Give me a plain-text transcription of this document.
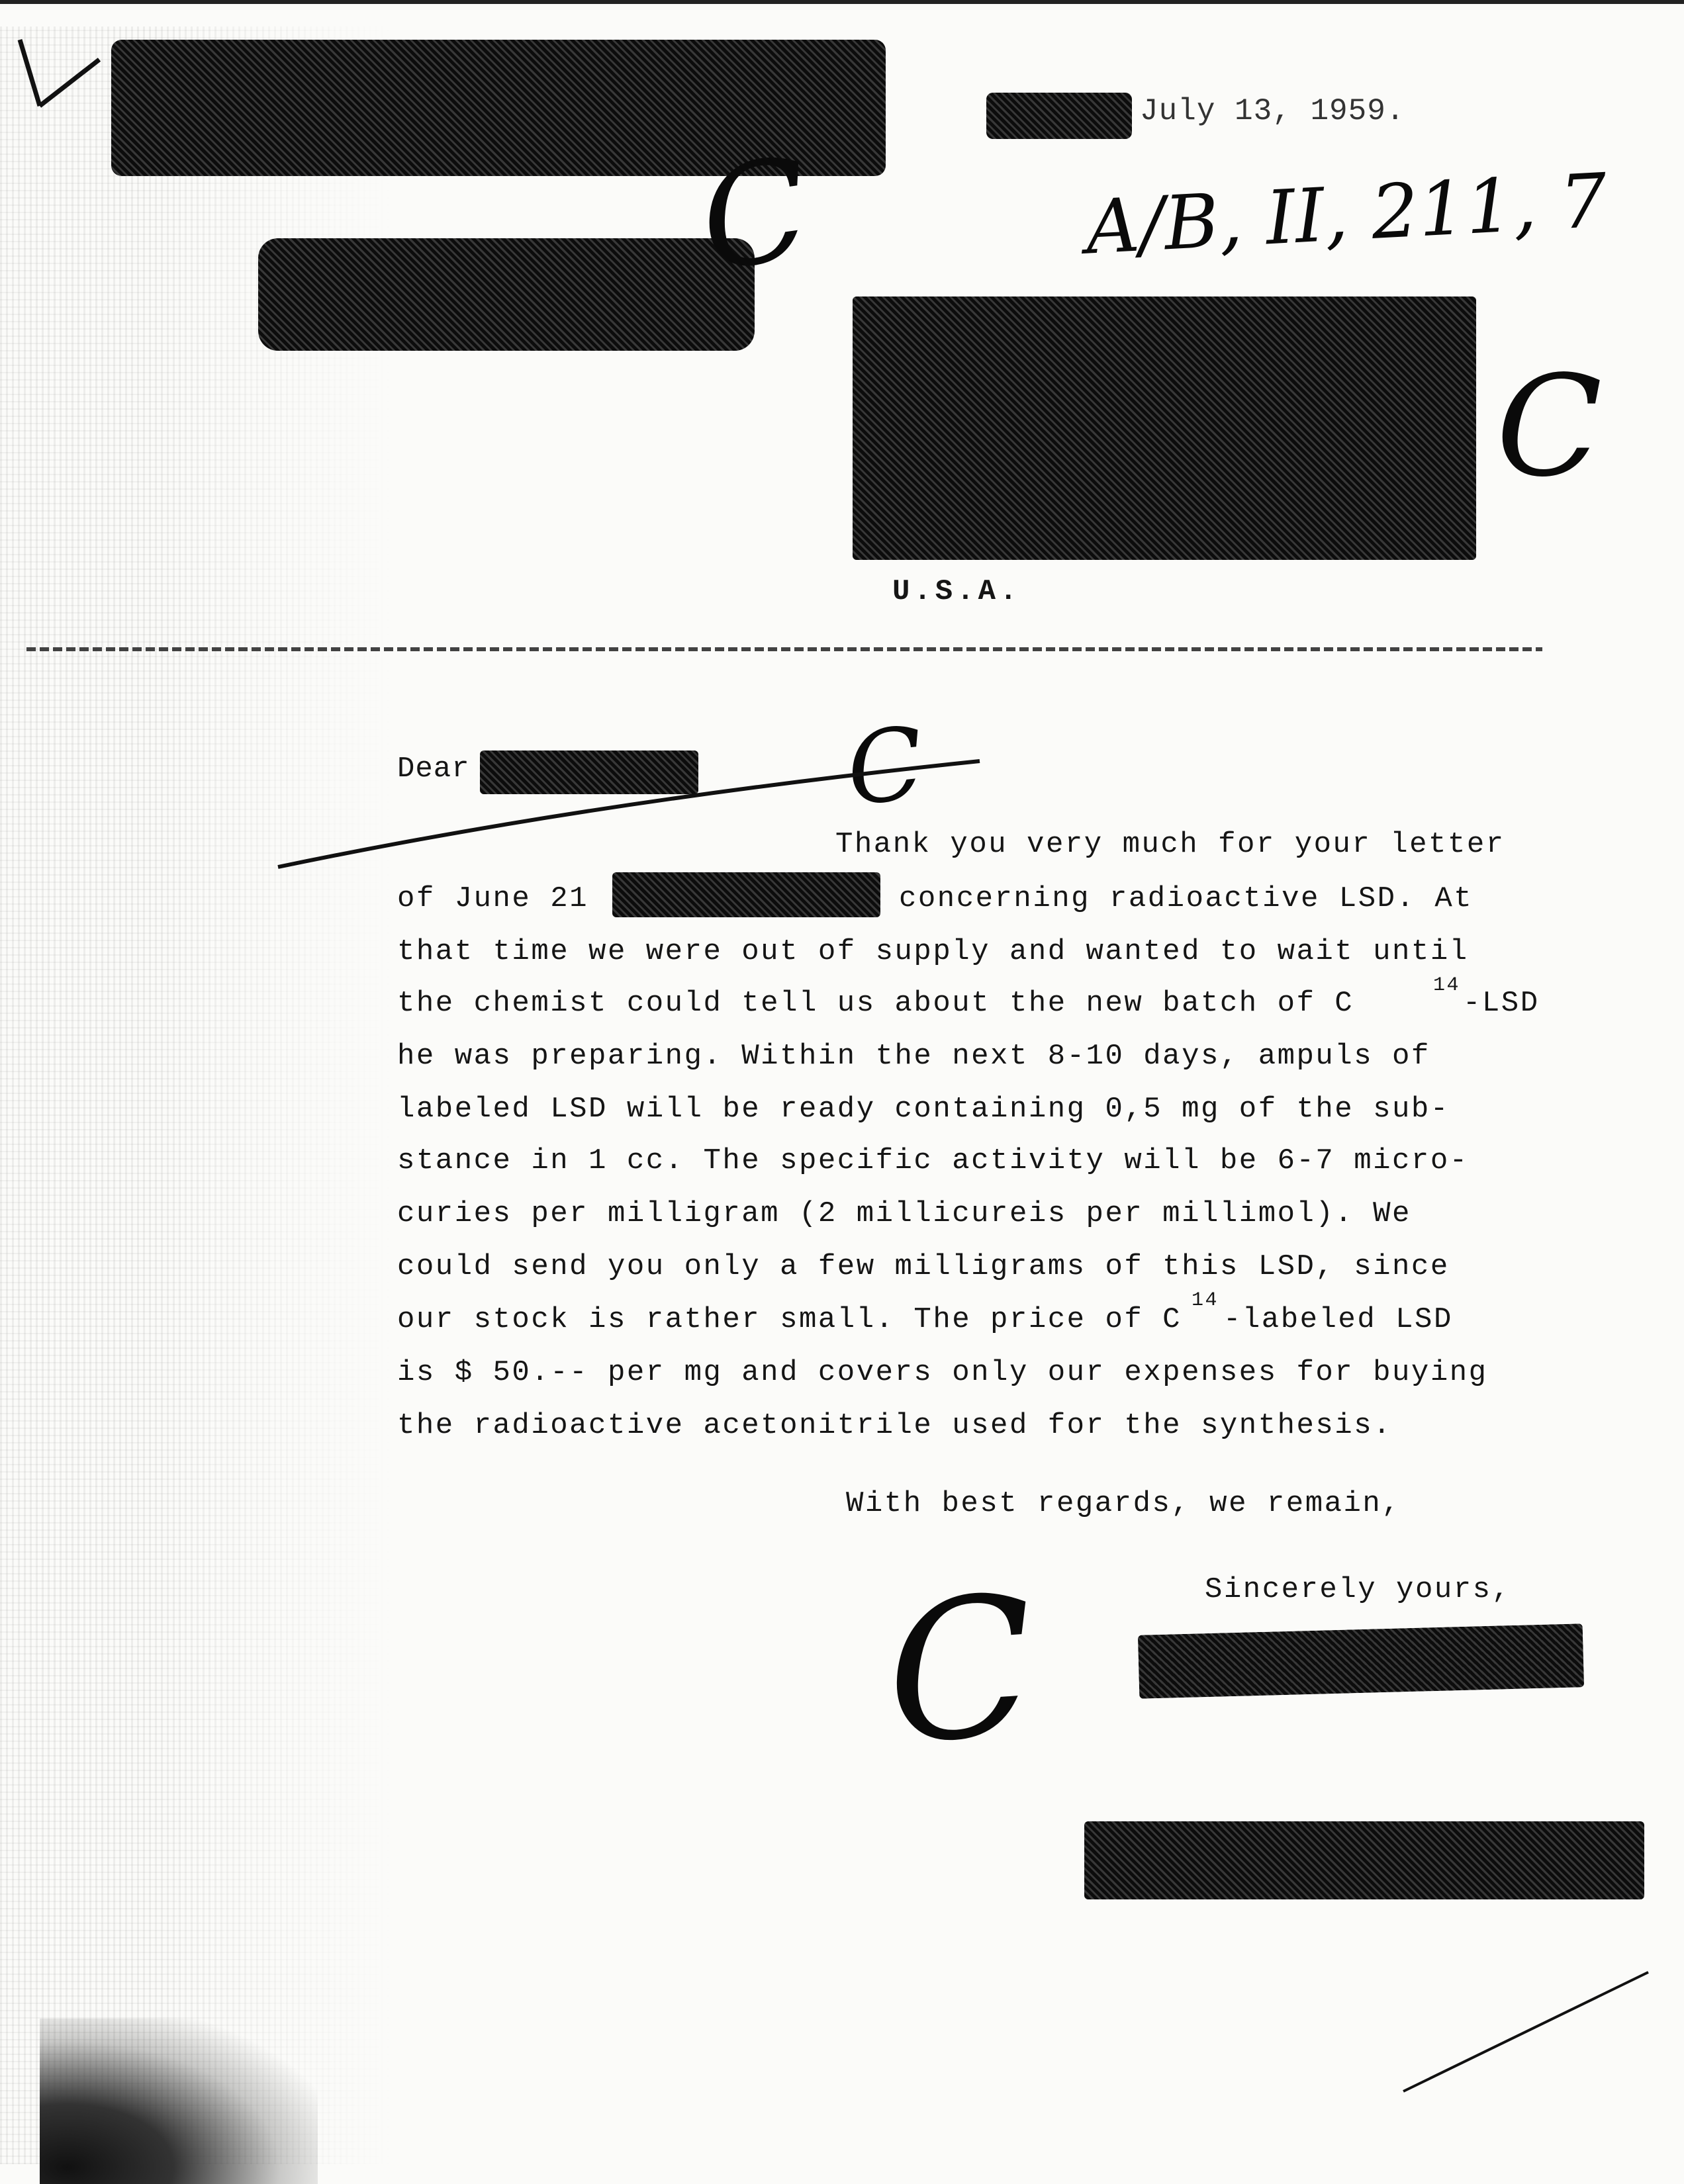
July 13, 1959.
U.S.A.
A/B, II, 211, 7
C
C
C
C
Dear
Thank you very much for your letter
of June 21	concerning radioactive LSD. At
that time we were out of supply and wanted to wait until
the chemist could tell us about the new batch of C
14
-LSD
he was preparing. Within the next 8-10 days, ampuls of
labeled LSD will be ready containing 0,5 mg of the sub-
stance in 1 cc. The specific activity will be 6-7 micro-
curies per milligram (2 millicureis per millimol). We
could send you only a few milligrams of this LSD, since
our stock is rather small. The price of C
14
-labeled LSD
is $ 50.-- per mg and covers only our expenses for buying
the radioactive acetonitrile used for the synthesis.
With best regards, we remain,
Sincerely yours,
